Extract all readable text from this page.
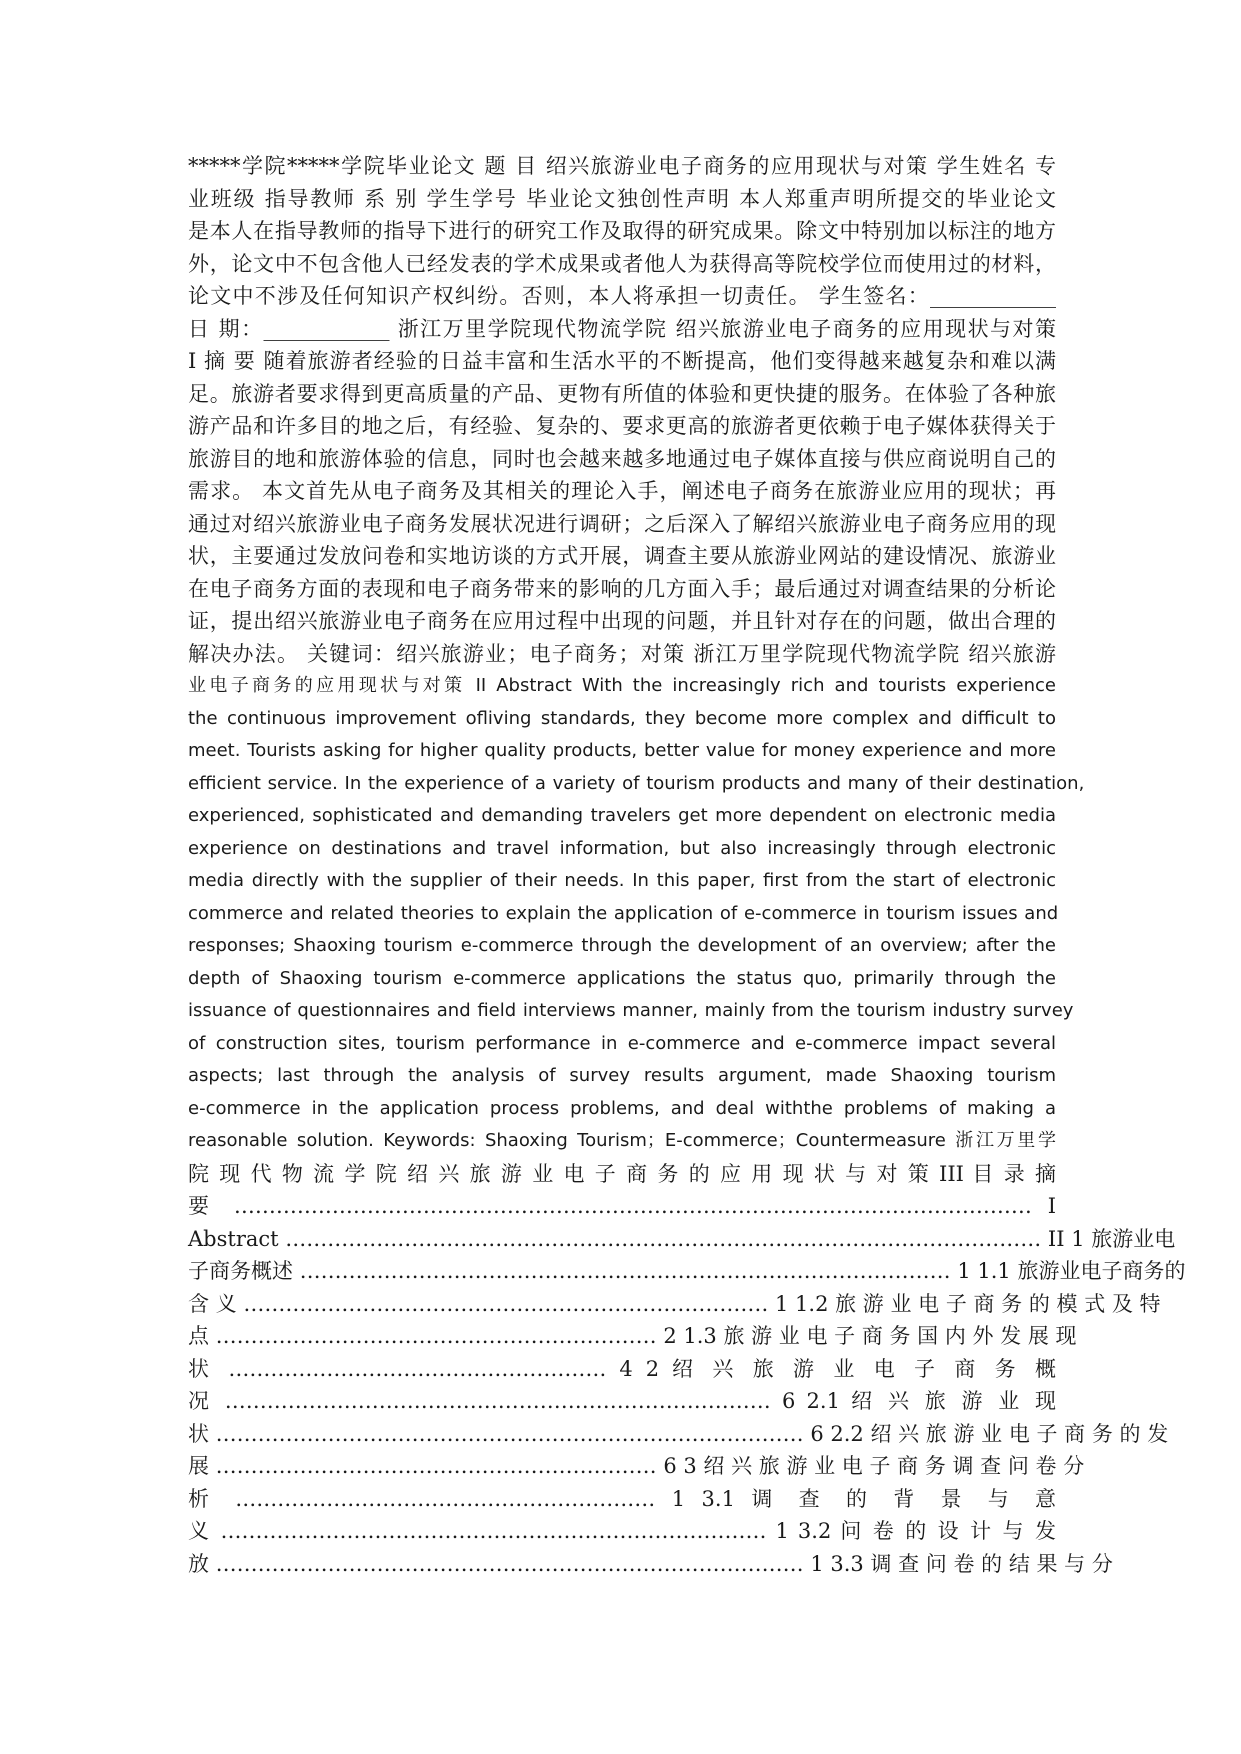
*****学院*****学院毕业论文 题 目 绍兴旅游业电子商务的应用现状与对策 学生姓名 专
业班级 指导教师 系 别 学生学号 毕业论文独创性声明 本人郑重声明所提交的毕业论文
是本人在指导教师的指导下进行的研究工作及取得的研究成果。除文中特别加以标注的地方
外，论文中不包含他人已经发表的学术成果或者他人为获得高等院校学位而使用过的材料，
论文中不涉及任何知识产权纠纷。否则，本人将承担一切责任。 学生签名：____________
日 期：____________ 浙江万里学院现代物流学院 绍兴旅游业电子商务的应用现状与对策
I 摘 要 随着旅游者经验的日益丰富和生活水平的不断提高，他们变得越来越复杂和难以满
足。旅游者要求得到更高质量的产品、更物有所值的体验和更快捷的服务。在体验了各种旅
游产品和许多目的地之后，有经验、复杂的、要求更高的旅游者更依赖于电子媒体获得关于
旅游目的地和旅游体验的信息，同时也会越来越多地通过电子媒体直接与供应商说明自己的
需求。 本文首先从电子商务及其相关的理论入手，阐述电子商务在旅游业应用的现状；再
通过对绍兴旅游业电子商务发展状况进行调研；之后深入了解绍兴旅游业电子商务应用的现
状，主要通过发放问卷和实地访谈的方式开展，调查主要从旅游业网站的建设情况、旅游业
在电子商务方面的表现和电子商务带来的影响的几方面入手；最后通过对调查结果的分析论
证，提出绍兴旅游业电子商务在应用过程中出现的问题，并且针对存在的问题，做出合理的
解决办法。 关键词：绍兴旅游业；电子商务；对策 浙江万里学院现代物流学院 绍兴旅游
业电子商务的应用现状与对策 II Abstract With the increasingly rich and tourists experience
the continuous improvement ofliving standards, they become more complex and difficult to
meet. Tourists asking for higher quality products, better value for money experience and more
efficient service. In the experience of a variety of tourism products and many of their destination,
experienced, sophisticated and demanding travelers get more dependent on electronic media
experience on destinations and travel information, but also increasingly through electronic
media directly with the supplier of their needs. In this paper, first from the start of electronic
commerce and related theories to explain the application of e-commerce in tourism issues and
responses; Shaoxing tourism e-commerce through the development of an overview; after the
depth of Shaoxing tourism e-commerce applications the status quo, primarily through the
issuance of questionnaires and field interviews manner, mainly from the tourism industry survey
of construction sites, tourism performance in e-commerce and e-commerce impact several
aspects; last through the analysis of survey results argument, made Shaoxing tourism
e-commerce in the application process problems, and deal withthe problems of making a
reasonable solution. Keywords: Shaoxing Tourism；E-commerce；Countermeasure 浙江万里学
院 现 代 物 流 学 院 绍 兴 旅 游 业 电 子 商 务 的 应 用 现 状 与 对 策 III 目 录 摘
要 …………………………………………………………………………………………………… I
Abstract ……………………………………………………………………………………………… II 1 旅游业电
子商务概述 ………………………………………………………………………………… 1 1.1 旅游业电子商务的
含 义 ………………………………………………………………… 1 1.2 旅 游 业 电 子 商 务 的 模 式 及 特
点 ……………………………………………………… 2 1.3 旅 游 业 电 子 商 务 国 内 外 发 展 现
状 ……………………………………………… 4 2 绍 兴 旅 游 业 电 子 商 务 概
况 …………………………………………………………………… 6 2.1 绍 兴 旅 游 业 现
状 ………………………………………………………………………… 6 2.2 绍 兴 旅 游 业 电 子 商 务 的 发
展 ……………………………………………………… 6 3 绍 兴 旅 游 业 电 子 商 务 调 查 问 卷 分
析 …………………………………………………… 1 3.1 调 查 的 背 景 与 意
义 …………………………………………………………………… 1 3.2 问 卷 的 设 计 与 发
放 ………………………………………………………………………… 1 3.3 调 查 问 卷 的 结 果 与 分
